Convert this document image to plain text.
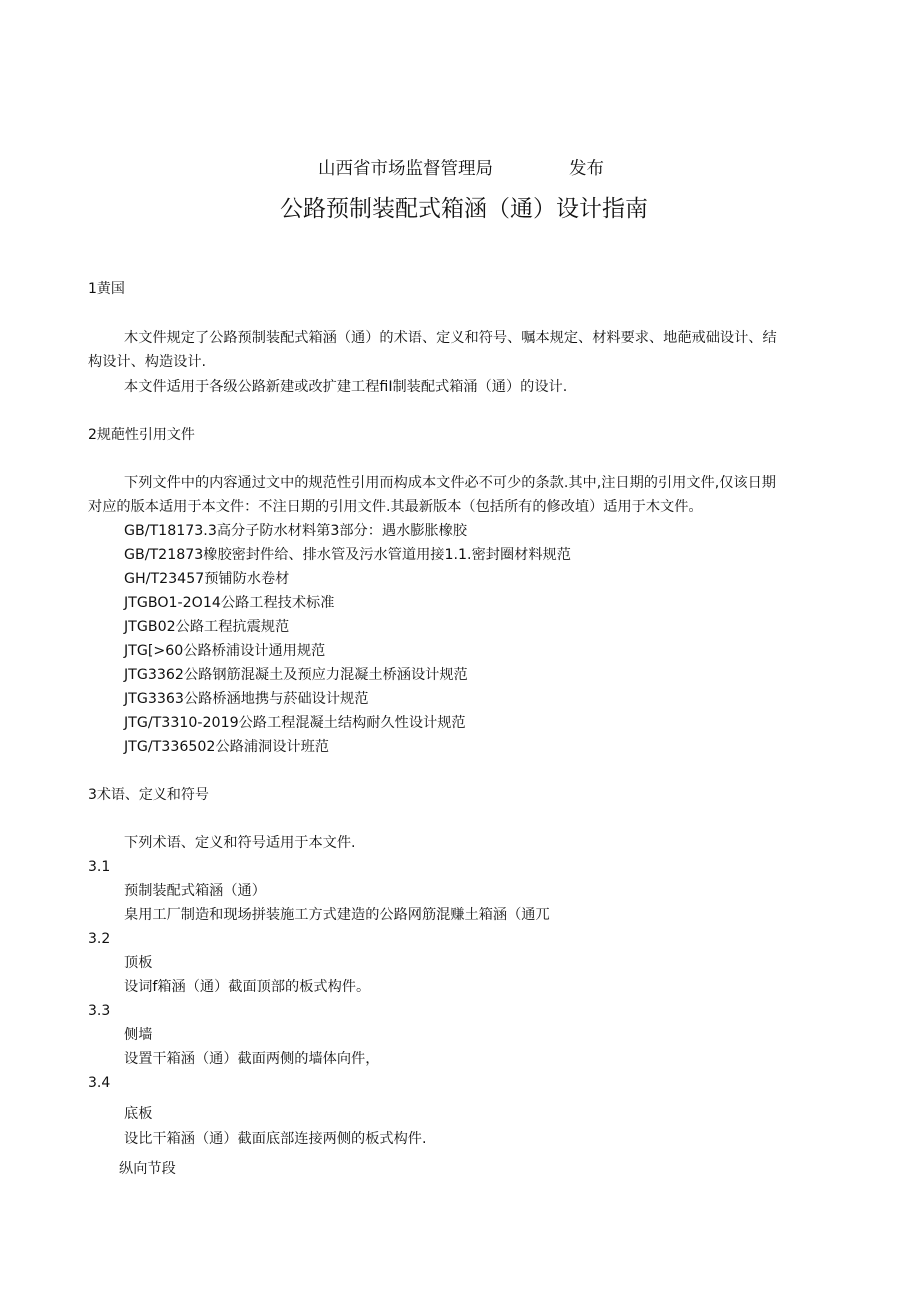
山西省市场监督管理局	发布
公路预制装配式箱涵（通）设计指南
1黄国
木文件规定了公路预制装配式箱涵（通）的术语、定义和符号、嘱本规定、材料要求、地葩戒础设计、结
构设计、构造设计.
本文件适用于各级公路新建或改扩建工程fiI制装配式箱涌（通）的设计.
2规葩性引用文件
下列文件中的内容通过文中的规范性引用而构成本文件必不可少的条款.其中,注日期的引用文件,仅该日期
对应的版本适用于本文件：不注日期的引用文件.其最新版本（包括所有的修改埴）适用于木文件。
GB/T18173.3高分子防水材料第3部分：遇水膨胀橡胶
GB/T21873橡胶密封件给、排水管及污水管道用接1.1.密封圈材料规范
GH/T23457预铺防水卷材
JTGBO1-2O14公路工程技术标准
JTGB02公路工程抗震规范
JTG[>60公路桥浦设计通用规范
JTG3362公路钢筋混凝土及预应力混凝土桥涵设计规范
JTG3363公路桥涵地携与菸础设计规范
JTG/T3310-2019公路工程混凝土结构耐久性设计规范
JTG/T336502公路浦洞设计班范
3术语、定义和符号
下列术语、定义和符号适用于本文件.
3.1
预制装配式箱涵（通）
臬用工厂制造和现场拼装施工方式建造的公路网筋混赚土箱涵（通兀
3.2
顶板
设词f箱涵（通）截面顶部的板式构件。
3.3
侧墙
设置干箱涵（通）截面两侧的墙体向件，
3.4
底板
设比干箱涵（通）截面底部连接两侧的板式构件.
纵向节段
